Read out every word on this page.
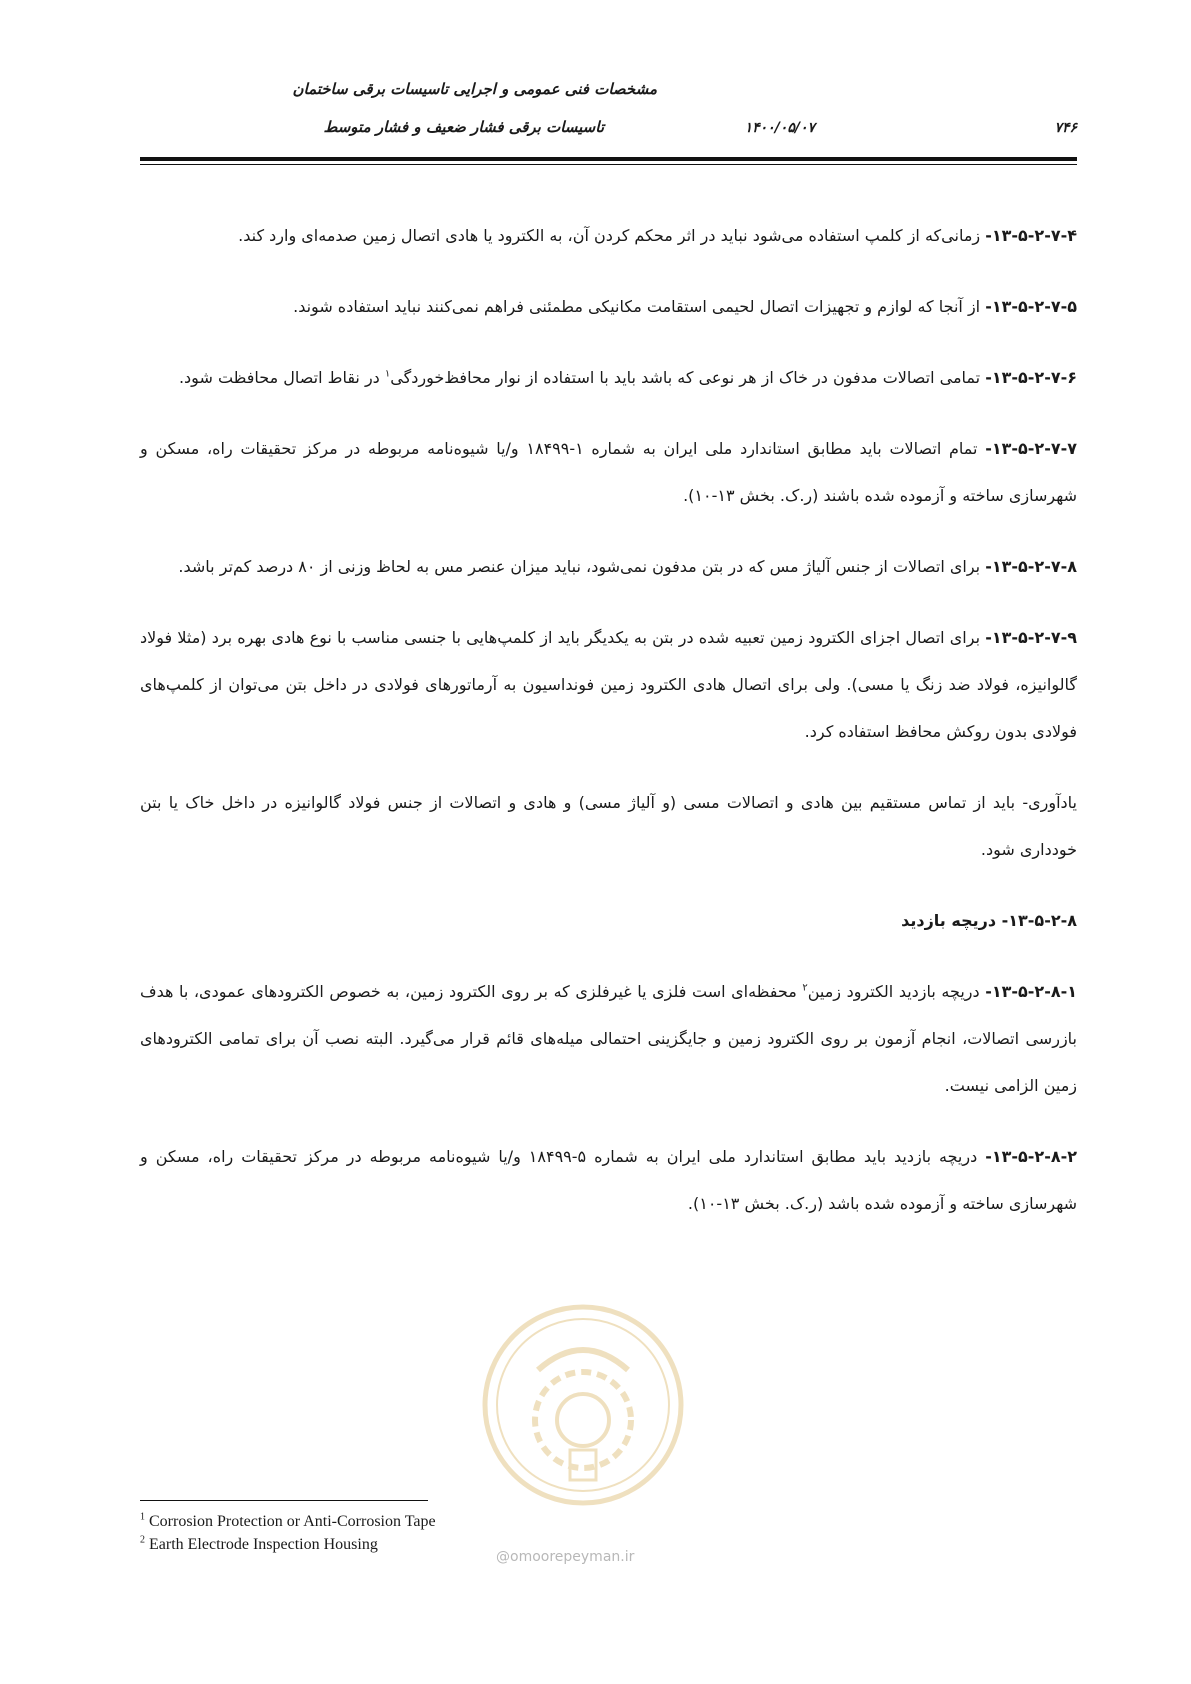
مشخصات فنی عمومی و اجرایی تاسیسات برقی ساختمان
تاسیسات برقی فشار ضعیف و فشار متوسط	۱۴۰۰/۰۵/۰۷	۷۴۶

۱۳-۵-۲-۷-۴- زمانی‌که از کلمپ استفاده می‌شود نباید در اثر محکم کردن آن، به الکترود یا هادی اتصال زمین صدمه‌ای وارد کند.

۱۳-۵-۲-۷-۵- از آنجا که لوازم و تجهیزات اتصال لحیمی استقامت مکانیکی مطمئنی فراهم نمی‌کنند نباید استفاده شوند.

۱۳-۵-۲-۷-۶- تمامی اتصالات مدفون در خاک از هر نوعی که باشد باید با استفاده از نوار محافظ‌خوردگی$^۱$ در نقاط اتصال محافظت شود.

۱۳-۵-۲-۷-۷- تمام اتصالات باید مطابق استاندارد ملی ایران به شماره ۱-۱۸۴۹۹ و/یا شیوه‌نامه مربوطه در مرکز تحقیقات راه، مسکن و شهرسازی ساخته و آزموده شده باشند (ر.ک. بخش ۱۳-۱۰).

۱۳-۵-۲-۷-۸- برای اتصالات از جنس آلیاژ مس که در بتن مدفون نمی‌شود، نباید میزان عنصر مس به لحاظ وزنی از ۸۰ درصد کم‌تر باشد.

۱۳-۵-۲-۷-۹- برای اتصال اجزای الکترود زمین تعبیه شده در بتن به یکدیگر باید از کلمپ‌هایی با جنسی مناسب با نوع هادی بهره برد (مثلا فولاد گالوانیزه، فولاد ضد زنگ یا مسی). ولی برای اتصال هادی الکترود زمین فونداسیون به آرماتورهای فولادی در داخل بتن می‌توان از کلمپ‌های فولادی بدون روکش محافظ استفاده کرد.

یادآوری- باید از تماس مستقیم بین هادی و اتصالات مسی (و آلیاژ مسی) و هادی و اتصالات از جنس فولاد گالوانیزه در داخل خاک یا بتن خودداری شود.

۱۳-۵-۲-۸- دریچه بازدید

۱۳-۵-۲-۸-۱- دریچه بازدید الکترود زمین$^۲$ محفظه‌ای است فلزی یا غیرفلزی که بر روی الکترود زمین، به خصوص الکترودهای عمودی، با هدف بازرسی اتصالات، انجام آزمون بر روی الکترود زمین و جایگزینی احتمالی میله‌های قائم قرار می‌گیرد. البته نصب آن برای تمامی الکترودهای زمین الزامی نیست.

۱۳-۵-۲-۸-۲- دریچه بازدید باید مطابق استاندارد ملی ایران به شماره ۵-۱۸۴۹۹ و/یا شیوه‌نامه مربوطه در مرکز تحقیقات راه، مسکن و شهرسازی ساخته و آزموده شده باشد (ر.ک. بخش ۱۳-۱۰).

@omoorepeyman.ir
$^1$ Corrosion Protection or Anti-Corrosion Tape
$^2$ Earth Electrode Inspection Housing
